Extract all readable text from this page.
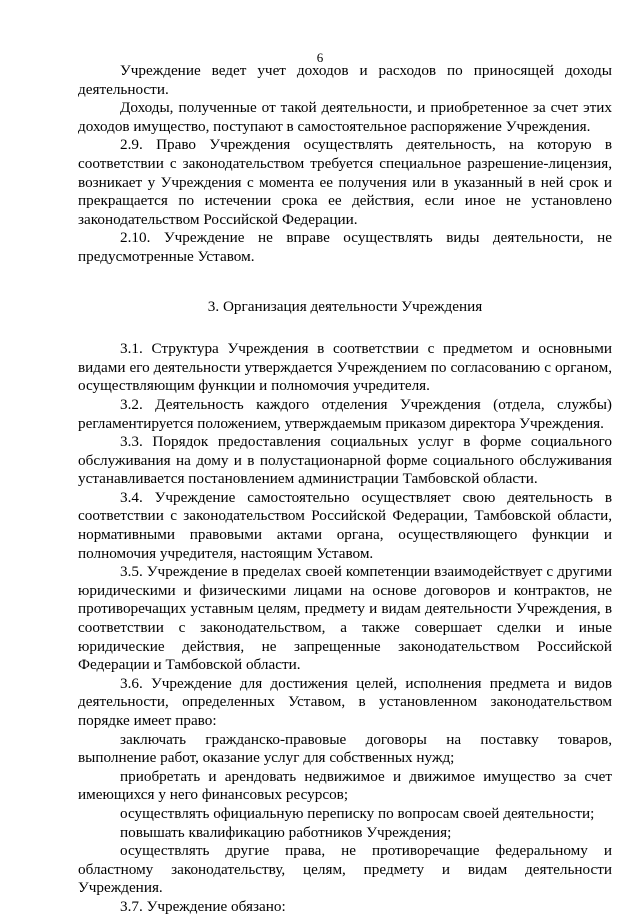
6

Учреждение ведет учет доходов и расходов по приносящей доходы деятельности.

Доходы, полученные от такой деятельности, и приобретенное за счет этих доходов имущество, поступают в самостоятельное распоряжение Учреждения.

2.9. Право Учреждения осуществлять деятельность, на которую в соответствии с законодательством требуется специальное разрешение-лицензия, возникает у Учреждения с момента ее получения или в указанный в ней срок и прекращается по истечении срока ее действия, если иное не установлено законодательством Российской Федерации.

2.10. Учреждение не вправе осуществлять виды деятельности, не предусмотренные Уставом.

3. Организация деятельности Учреждения

3.1. Структура Учреждения в соответствии с предметом и основными видами его деятельности утверждается Учреждением по согласованию с органом, осуществляющим функции и полномочия учредителя.

3.2. Деятельность каждого отделения Учреждения (отдела, службы) регламентируется положением, утверждаемым приказом директора Учреждения.

3.3. Порядок предоставления социальных услуг в форме социального обслуживания на дому и в полустационарной форме социального обслуживания устанавливается постановлением администрации Тамбовской области.

3.4. Учреждение самостоятельно осуществляет свою деятельность в соответствии с законодательством Российской Федерации, Тамбовской области, нормативными правовыми актами органа, осуществляющего функции и полномочия учредителя, настоящим Уставом.

3.5. Учреждение в пределах своей компетенции взаимодействует с другими юридическими и физическими лицами на основе договоров и контрактов, не противоречащих уставным целям, предмету и видам деятельности Учреждения, в соответствии с законодательством, а также совершает сделки и иные юридические действия, не запрещенные законодательством Российской Федерации и Тамбовской области.

3.6. Учреждение для достижения целей, исполнения предмета и видов деятельности, определенных Уставом, в установленном законодательством порядке имеет право:

заключать гражданско-правовые договоры на поставку товаров, выполнение работ, оказание услуг для собственных нужд;

приобретать и арендовать недвижимое и движимое имущество за счет имеющихся у него финансовых ресурсов;

осуществлять официальную переписку по вопросам своей деятельности;

повышать квалификацию работников Учреждения;

осуществлять другие права, не противоречащие федеральному и областному законодательству, целям, предмету и видам деятельности Учреждения.

3.7. Учреждение обязано:
